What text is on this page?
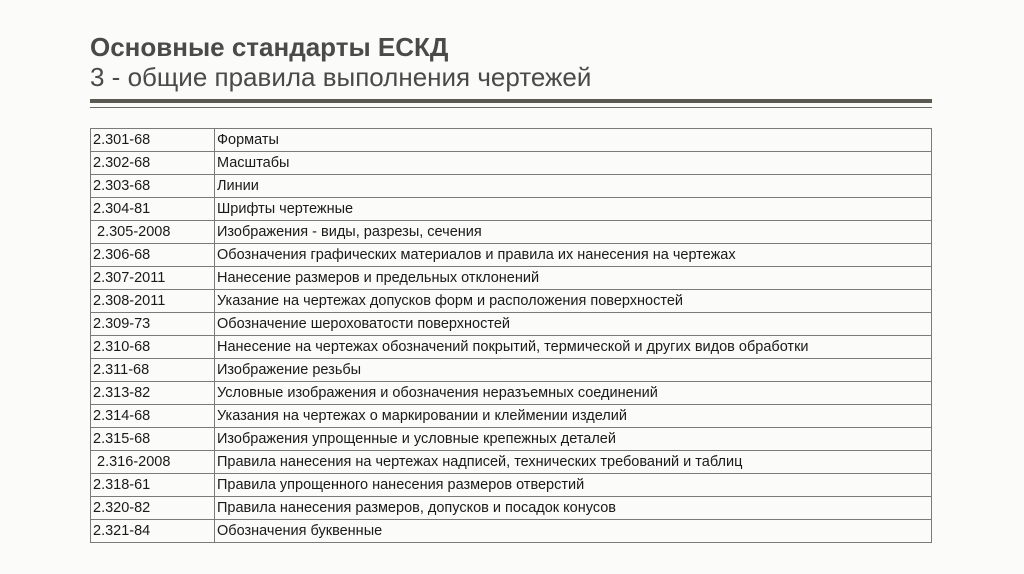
Основные стандарты ЕСКД
3 - общие правила выполнения чертежей
2.301-68	Форматы
2.302-68	Масштабы
2.303-68	Линии
2.304-81	Шрифты чертежные
2.305-2008	Изображения - виды, разрезы, сечения
2.306-68	Обозначения графических материалов и правила их нанесения на чертежах
2.307-2011	Нанесение размеров и предельных отклонений
2.308-2011	Указание на чертежах допусков форм и расположения поверхностей
2.309-73	Обозначение шероховатости поверхностей
2.310-68	Нанесение на чертежах обозначений покрытий, термической и других видов обработки
2.311-68	Изображение резьбы
2.313-82	Условные изображения и обозначения неразъемных соединений
2.314-68	Указания на чертежах о маркировании и клеймении изделий
2.315-68	Изображения упрощенные и условные крепежных деталей
2.316-2008	Правила нанесения на чертежах надписей, технических требований и таблиц
2.318-61	Правила упрощенного нанесения размеров отверстий
2.320-82	Правила нанесения размеров, допусков и посадок конусов
2.321-84	Обозначения буквенные
